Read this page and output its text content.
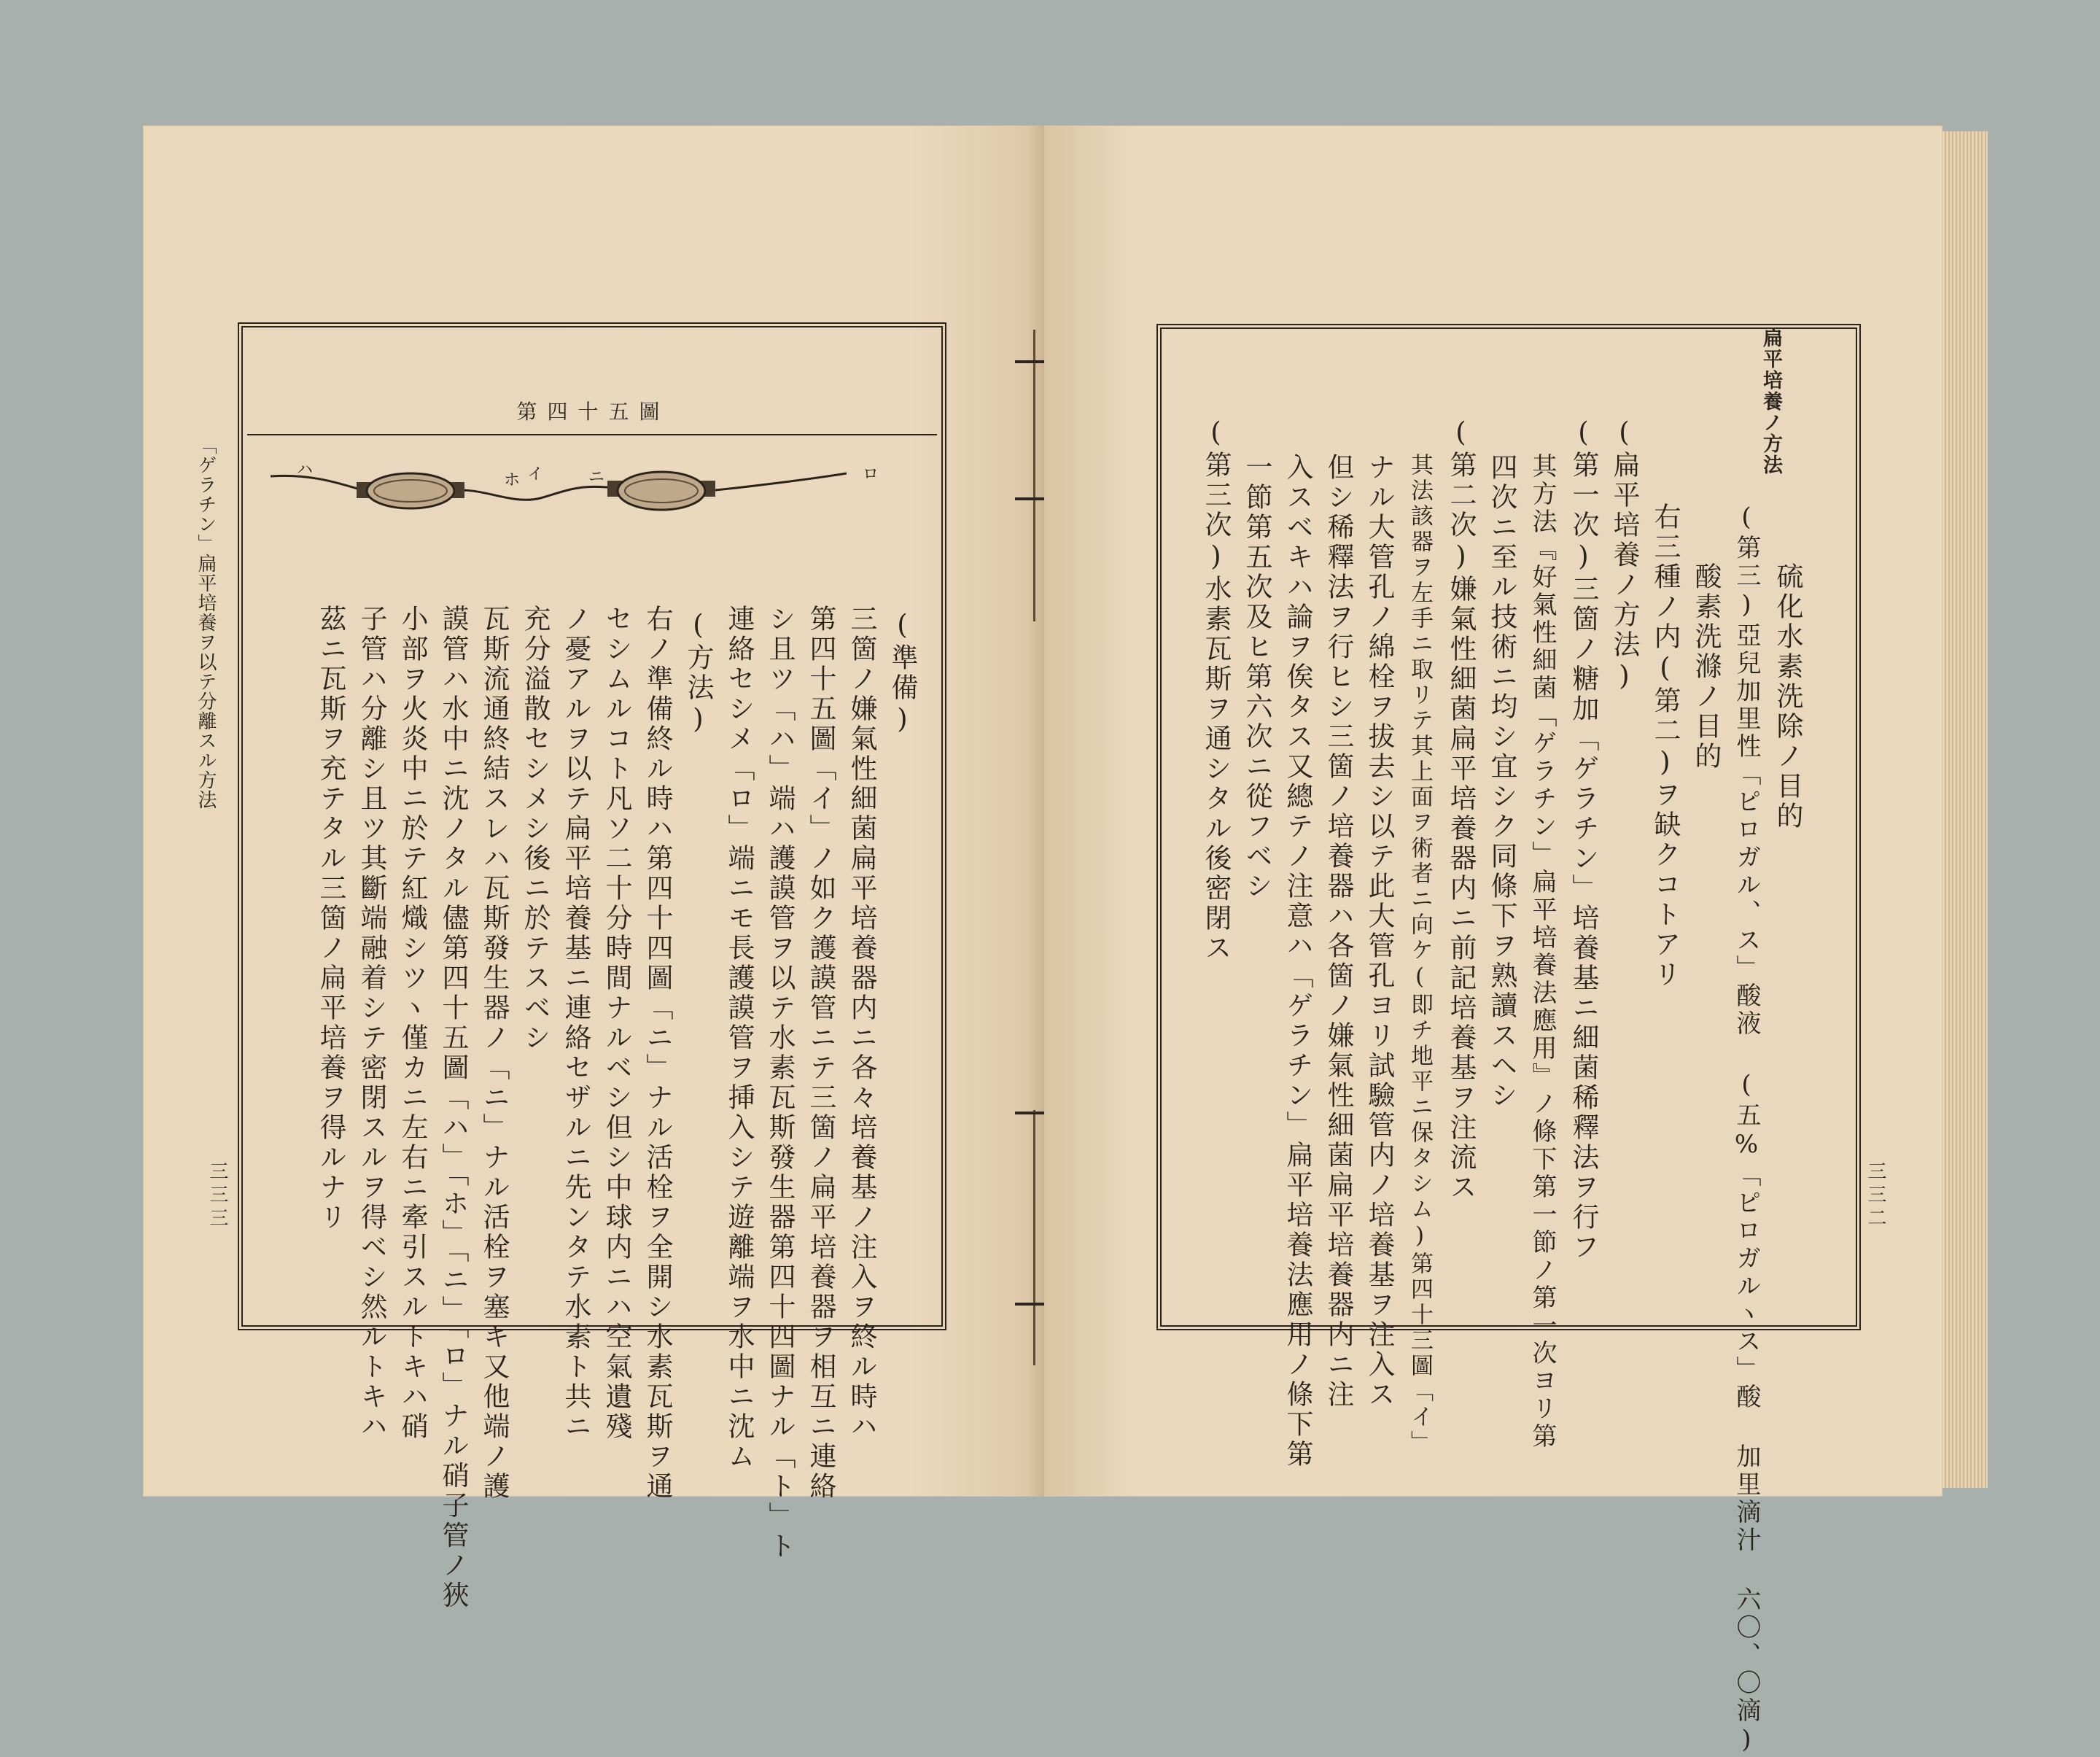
「ゲラチン」扁平培養ヲ以テ分離スル方法
三三三
第四十五圖
ハ
ホ イ	ニ	ロ
(準備)
三箇ノ嫌氣性細菌扁平培養器内ニ各々培養基ノ注入ヲ終ル時ハ
第四十五圖「イ」ノ如ク護謨管ニテ三箇ノ扁平培養器ヲ相互ニ連絡
シ且ツ「ハ」端ハ護謨管ヲ以テ水素瓦斯發生器第四十四圖ナル「ト」ト
連絡セシメ「ロ」端ニモ長護謨管ヲ挿入シテ遊離端ヲ水中ニ沈ム
(方法)
右ノ準備終ル時ハ第四十四圖「ニ」ナル活栓ヲ全開シ水素瓦斯ヲ通
セシムルコト凡ソ二十分時間ナルベシ但シ中球内ニハ空氣遺殘
ノ憂アルヲ以テ扁平培養基ニ連絡セザルニ先ンタテ水素ト共ニ
充分溢散セシメシ後ニ於テスベシ
瓦斯流通終結スレハ瓦斯發生器ノ「ニ」ナル活栓ヲ塞キ又他端ノ護
謨管ハ水中ニ沈ノタル儘第四十五圖「ハ」「ホ」「ニ」「ロ」ナル硝子管ノ狹
小部ヲ火炎中ニ於テ紅熾シツヽ僅カニ左右ニ牽引スルトキハ硝
子管ハ分離シ且ツ其斷端融着シテ密閉スルヲ得ベシ然ルトキハ
茲ニ瓦斯ヲ充テタル三箇ノ扁平培養ヲ得ルナリ	三三二
扁平培養ノ方法
硫化水素洗除ノ目的
(第三)亞兒加里性「ピロガル、ス」酸液 (五%「ピロガルヽス」酸 加里滴汁 六〇、〇滴)
酸素洗滌ノ目的
右三種ノ内(第二)ヲ缺クコトアリ
(扁平培養ノ方法)
(第一次)三箇ノ糖加「ゲラチン」培養基ニ細菌稀釋法ヲ行フ
其方法『好氣性細菌「ゲラチン」扁平培養法應用』ノ條下第一節ノ第一次ヨリ第
四次ニ至ル技術ニ均シ宜シク同條下ヲ熟讀スヘシ
(第二次)嫌氣性細菌扁平培養器内ニ前記培養基ヲ注流ス
其法該器ヲ左手ニ取リテ其上面ヲ術者ニ向ケ(即チ地平ニ保タシム)第四十三圖「イ」
ナル大管孔ノ綿栓ヲ拔去シ以テ此大管孔ヨリ試驗管内ノ培養基ヲ注入ス
但シ稀釋法ヲ行ヒシ三箇ノ培養器ハ各箇ノ嫌氣性細菌扁平培養器内ニ注
入スベキハ論ヲ俟タス又總テノ注意ハ「ゲラチン」扁平培養法應用ノ條下第
一節第五次及ヒ第六次ニ從フベシ
(第三次)水素瓦斯ヲ通シタル後密閉ス
